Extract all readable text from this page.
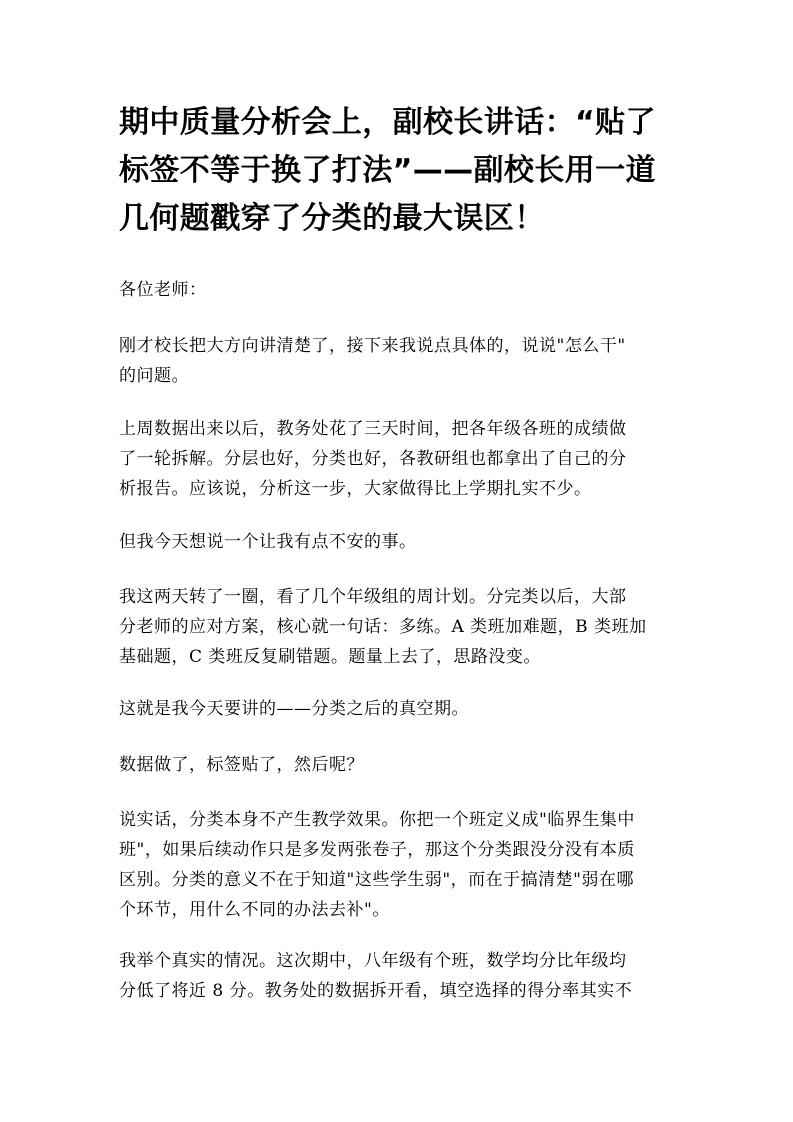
期中质量分析会上，副校长讲话：“贴了
标签不等于换了打法”——副校长用一道
几何题戳穿了分类的最大误区！

各位老师：

刚才校长把大方向讲清楚了，接下来我说点具体的，说说"怎么干"
的问题。

上周数据出来以后，教务处花了三天时间，把各年级各班的成绩做
了一轮拆解。分层也好，分类也好，各教研组也都拿出了自己的分
析报告。应该说，分析这一步，大家做得比上学期扎实不少。

但我今天想说一个让我有点不安的事。

我这两天转了一圈，看了几个年级组的周计划。分完类以后，大部
分老师的应对方案，核心就一句话：多练。A 类班加难题，B 类班加
基础题，C 类班反复刷错题。题量上去了，思路没变。

这就是我今天要讲的——分类之后的真空期。

数据做了，标签贴了，然后呢？

说实话，分类本身不产生教学效果。你把一个班定义成"临界生集中
班"，如果后续动作只是多发两张卷子，那这个分类跟没分没有本质
区别。分类的意义不在于知道"这些学生弱"，而在于搞清楚"弱在哪
个环节，用什么不同的办法去补"。

我举个真实的情况。这次期中，八年级有个班，数学均分比年级均
分低了将近 8 分。教务处的数据拆开看，填空选择的得分率其实不
